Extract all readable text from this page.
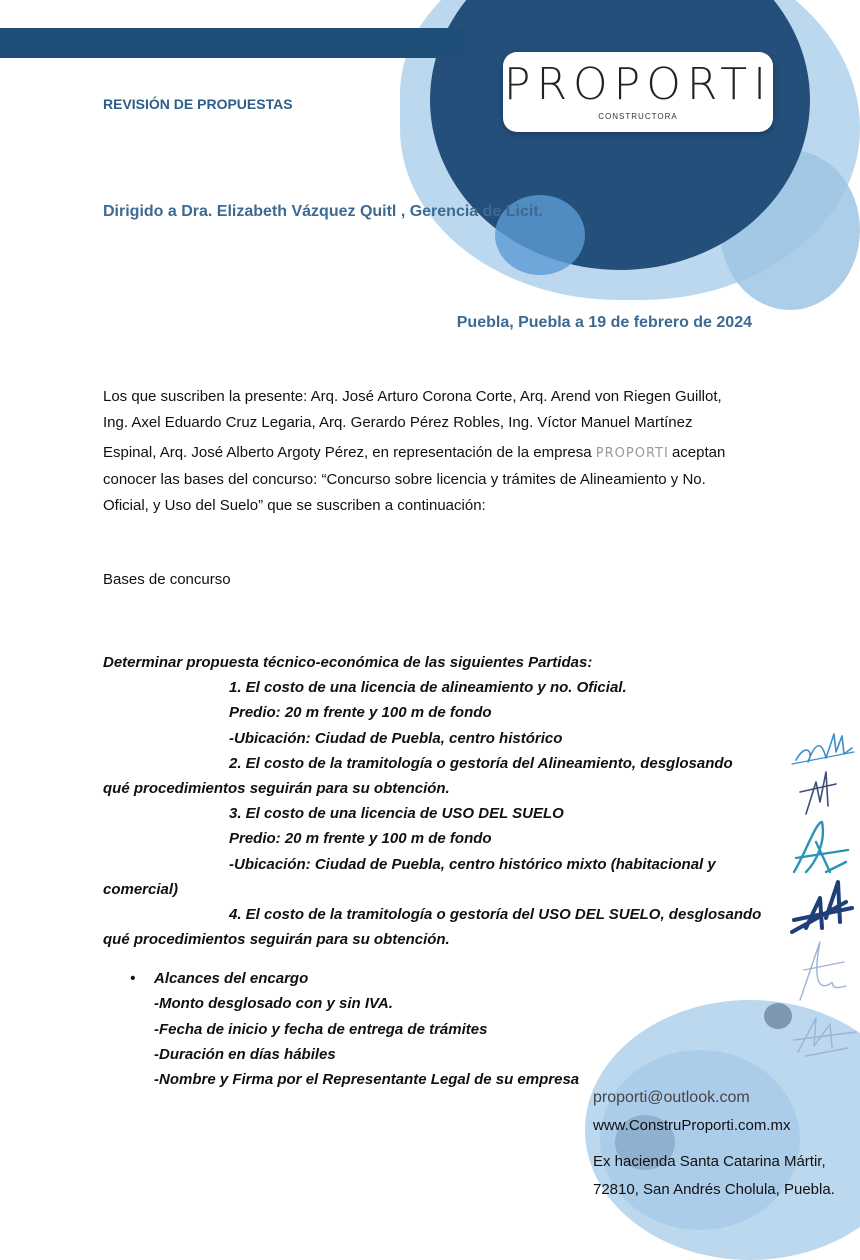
PROPORTI
CONSTRUCTORA
REVISIÓN DE PROPUESTAS
Dirigido a Dra. Elizabeth Vázquez Quitl , Gerencia de Licit.
Puebla, Puebla a 19 de febrero de 2024
Los que suscriben la presente: Arq. José Arturo Corona Corte, Arq. Arend von Riegen Guillot,
Ing. Axel Eduardo Cruz Legaria, Arq. Gerardo Pérez Robles, Ing. Víctor Manuel Martínez
Espinal, Arq. José Alberto Argoty Pérez, en representación de la empresa PROPORTI aceptan
conocer las bases del concurso: “Concurso sobre licencia y trámites de Alineamiento y No.
Oficial, y Uso del Suelo” que se suscriben a continuación:
Bases de concurso
Determinar propuesta técnico-económica de las siguientes Partidas:
1. El costo de una licencia de alineamiento y no. Oficial.
Predio: 20 m frente y 100 m de fondo
-Ubicación: Ciudad de Puebla, centro histórico
2. El costo de la tramitología o gestoría del Alineamiento, desglosando
qué procedimientos seguirán para su obtención.
3. El costo de una licencia de USO DEL SUELO
Predio: 20 m frente y 100 m de fondo
-Ubicación: Ciudad de Puebla, centro histórico mixto (habitacional y
comercial)
4. El costo de la tramitología o gestoría del USO DEL SUELO, desglosando
qué procedimientos seguirán para su obtención.
• Alcances del encargo
-Monto desglosado con y sin IVA.
-Fecha de inicio y fecha de entrega de trámites
-Duración en días hábiles
-Nombre y Firma por el Representante Legal de su empresa
proporti@outlook.com
www.ConstruProporti.com.mx
Ex hacienda Santa Catarina Mártir,
72810, San Andrés Cholula, Puebla.
